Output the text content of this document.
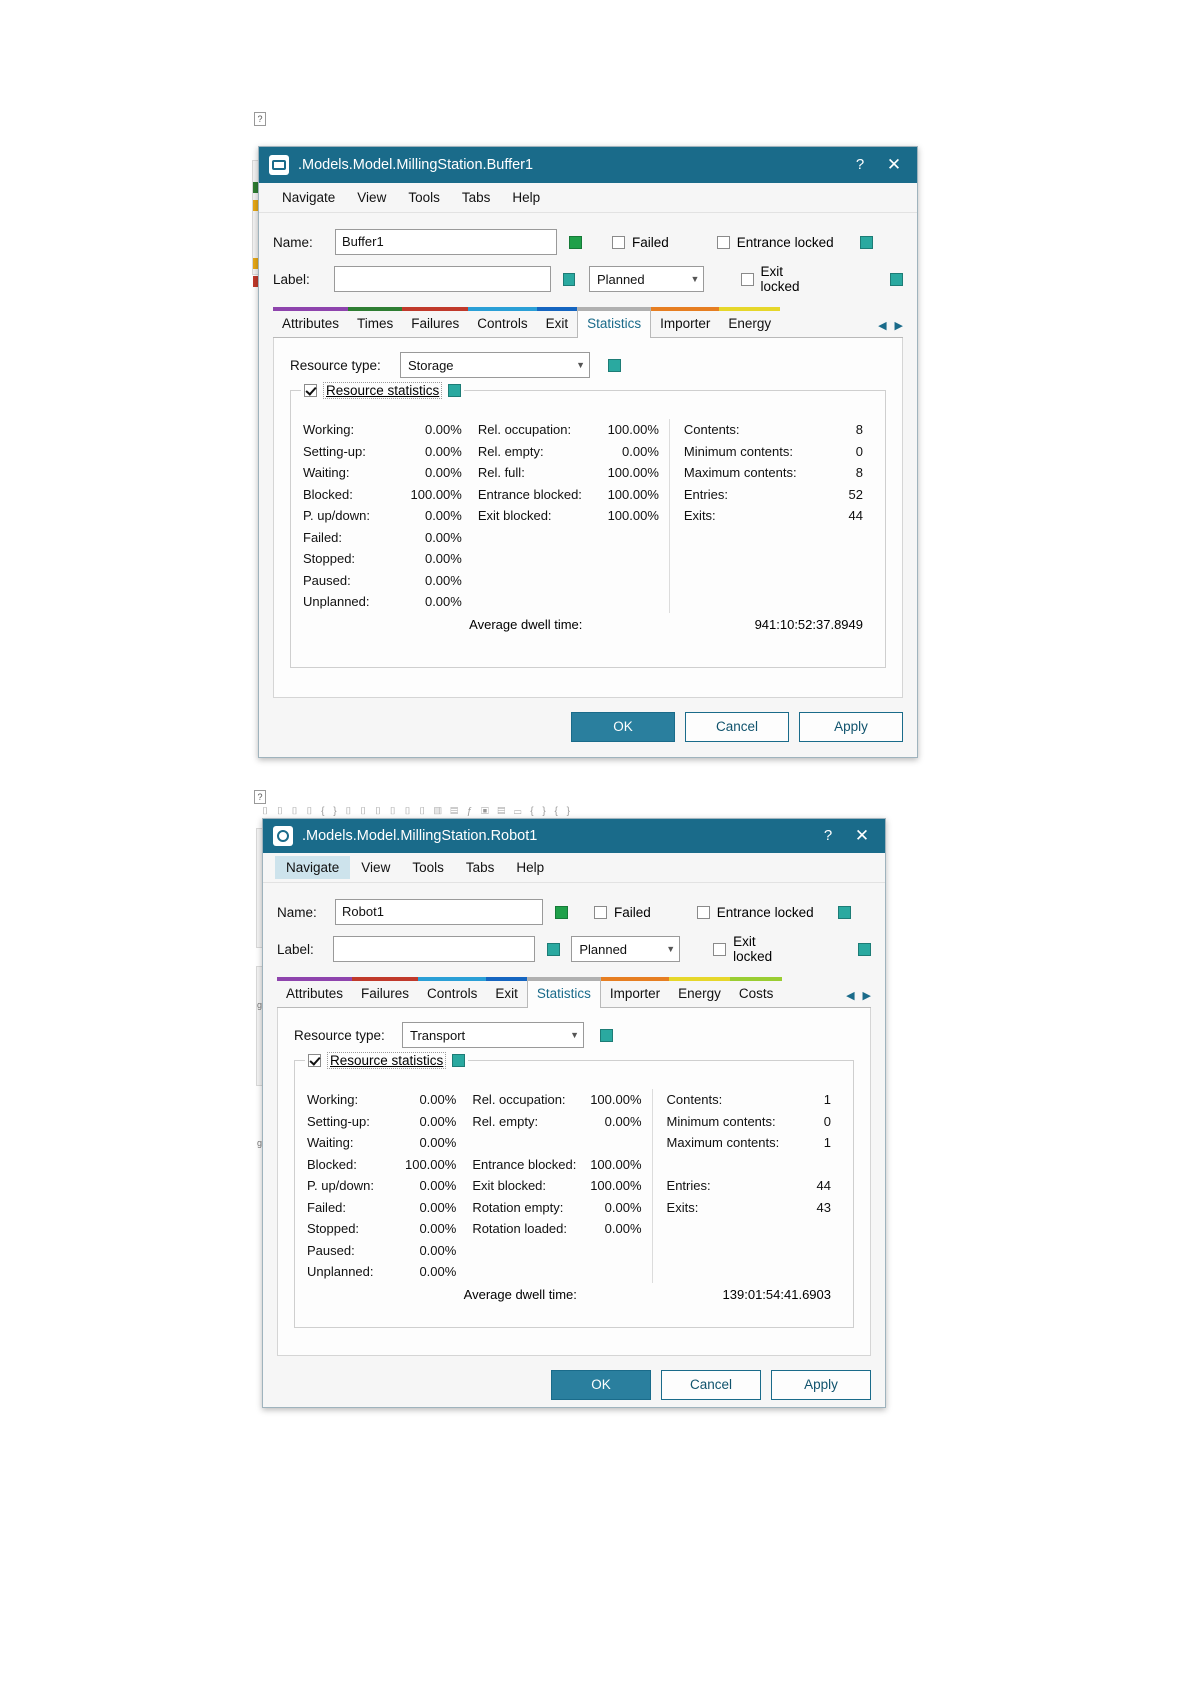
?
?
⌷ ⌷ ⌷ ⌷ { } ⌷ ⌷ ⌷ ⌷ ⌷ ⌷ ▥ ▤ ƒ ▣ ▤ ▭ { } { }
g
g
.Models.Model.MillingStation.Buffer1	?	✕
Navigate	View	Tools	Tabs	Help
Name:
Buffer1	Failed	Entrance locked
Label:	Planned	▼	Exit locked
Attributes	Times	Failures	Controls	Exit	Statistics	Importer	Energy	◀ ▶
Resource type:	Storage	▼
Resource statistics
Working:	0.00%
Setting-up:	0.00%
Waiting:	0.00%
Blocked:	100.00%
P. up/down:	0.00%
Failed:	0.00%
Stopped:	0.00%
Paused:	0.00%
Unplanned:	0.00%
Rel. occupation:	100.00%
Rel. empty:	0.00%
Rel. full:	100.00%
Entrance blocked: 100.00%
Exit blocked:	100.00%
Contents:	8
Minimum contents:	0
Maximum contents:	8
Entries:	52
Exits:	44
Average dwell time:	941:10:52:37.8949
OK	Cancel	Apply
.Models.Model.MillingStation.Robot1	?	✕
Navigate	View	Tools	Tabs	Help
Name:
Robot1	Failed	Entrance locked
Label:	Planned	▼	Exit locked
Attributes	Failures	Controls	Exit	Statistics	Importer	Energy	Costs	◀ ▶
Resource type:	Transport	▼
Resource statistics
Working:	0.00%
Setting-up:	0.00%
Waiting:	0.00%
Blocked:	100.00%
P. up/down:	0.00%
Failed:	0.00%
Stopped:	0.00%
Paused:	0.00%
Unplanned:	0.00%
Rel. occupation: 100.00%
Rel. empty:	0.00%

Entrance blocked: 100.00%
Exit blocked:	100.00%
Rotation empty:	0.00%
Rotation loaded:	0.00%
Contents:	1
Minimum contents:	0
Maximum contents:	1

Entries:	44
Exits:	43
Average dwell time:	139:01:54:41.6903
OK	Cancel	Apply
